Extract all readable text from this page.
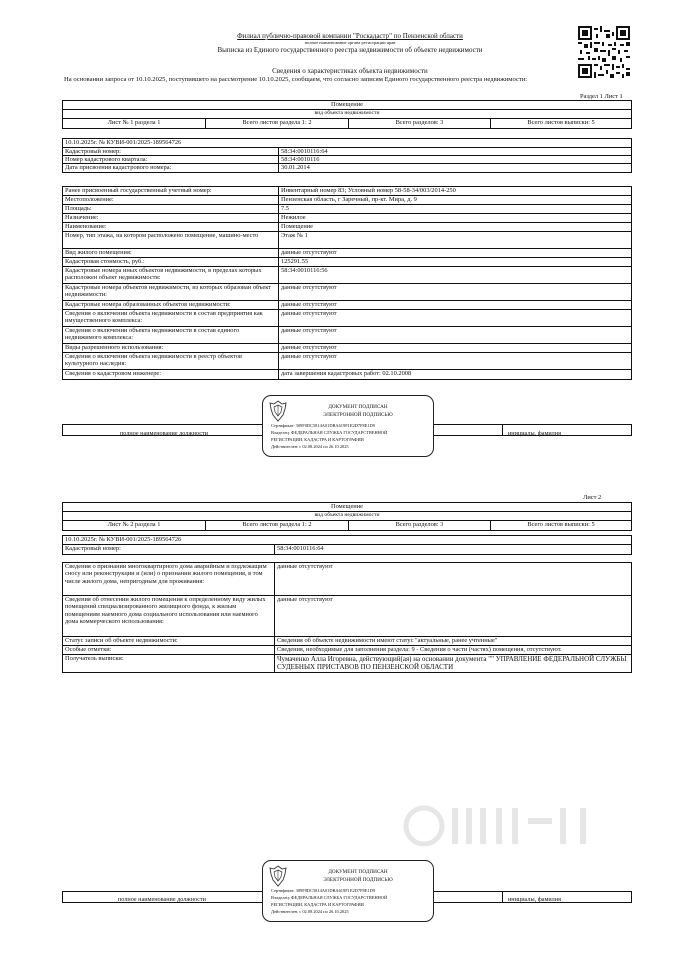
Филиал публично-правовой компании "Роскадастр" по Пензенской области
полное наименование органа регистрации прав
Выписка из Единого государственного реестра недвижимости об объекте недвижимости
Сведения о характеристиках объекта недвижимости
На основании запроса от 10.10.2025, поступившего на рассмотрение 10.10.2025, сообщаем, что согласно записям Единого государственного реестра недвижимости:
Раздел 1 Лист 1
Помещение
вид объекта недвижимости
Лист № 1 раздела 1	Всего листов раздела 1: 2	Всего разделов: 3	Всего листов выписки: 5
10.10.2025г. № КУВИ-001/2025-189564726
Кадастровый номер:	58:34:0010116:64
Номер кадастрового квартала:	58:34:0010116
Дата присвоения кадастрового номера:	30.01.2014
Ранее присвоенный государственный учетный номер:	Инвентарный номер 83; Условный номер 58-58-34/003/2014-250
Местоположение:	Пензенская область, г Заречный, пр-кт. Мира, д. 9
Площадь:	7.5
Назначение:	Нежилое
Наименование:	Помещение
Номер, тип этажа, на котором расположено помещение, машино-место	Этаж № 1
Вид жилого помещения:	данные отсутствуют
Кадастровая стоимость, руб.:	125291.55
Кадастровые номера иных объектов недвижимости, в пределах которых расположен объект недвижимости:
58:34:0010116:56
Кадастровые номера объектов недвижимости, из которых образован объект недвижимости:
данные отсутствуют
Кадастровые номера образованных объектов недвижимости:	данные отсутствуют
Сведения о включении объекта недвижимости в состав предприятия как имущественного комплекса:
данные отсутствуют
Сведения о включении объекта недвижимости в состав единого недвижимого комплекса:
данные отсутствуют
Виды разрешенного использования:	данные отсутствуют
Сведения о включении объекта недвижимости в реестр объектов культурного наследия:
данные отсутствуют
Сведения о кадастровом инженере:	дата завершения кадастровых работ: 02.10.2008
полное наименование должности	инициалы, фамилия
ДОКУМЕНТ ПОДПИСАН
ЭЛЕКТРОННОЙ ПОДПИСЬЮ
Сертификат: 309F0DC5814A01DBA619F1E2D7F8E1D9
Владелец: ФЕДЕРАЛЬНАЯ СЛУЖБА ГОСУДАРСТВЕННОЙ
РЕГИСТРАЦИИ, КАДАСТРА И КАРТОГРАФИИ
Действителен: с 02.08.2024 по 26.10.2025
Лист 2
Помещение
вид объекта недвижимости
Лист № 2 раздела 1	Всего листов раздела 1: 2	Всего разделов: 3	Всего листов выписки: 5
10.10.2025г. № КУВИ-001/2025-189564726
Кадастровый номер:	58:34:0010116:64
Сведения о признании многоквартирного дома аварийным и подлежащим сносу или реконструкции и (или) о признании жилого помещения, в том числе жилого дома, непригодным для проживания:
данные отсутствуют
Сведения об отнесении жилого помещения к определенному виду жилых помещений специализированного жилищного фонда, к жилым помещениям наемного дома социального использования или наемного дома коммерческого использования:
данные отсутствуют
Статус записи об объекте недвижимости:	Сведения об объекте недвижимости имеют статус "актуальные, ранее учтенные"
Особые отметки:	Сведения, необходимые для заполнения раздела: 9 - Сведения о части (частях) помещения, отсутствуют.
Получатель выписки:	Чумаченко Алла Игоревна, действующий(ая) на основании документа "" УПРАВЛЕНИЕ ФЕДЕРАЛЬНОЙ СЛУЖБЫ СУДЕБНЫХ ПРИСТАВОВ ПО ПЕНЗЕНСКОЙ ОБЛАСТИ
полное наименование должности	инициалы, фамилия
ДОКУМЕНТ ПОДПИСАН
ЭЛЕКТРОННОЙ ПОДПИСЬЮ
Сертификат: 309F0DC5814A01DBA619F1E2D7F8E1D9
Владелец: ФЕДЕРАЛЬНАЯ СЛУЖБА ГОСУДАРСТВЕННОЙ
РЕГИСТРАЦИИ, КАДАСТРА И КАРТОГРАФИИ
Действителен: с 02.08.2024 по 26.10.2025
